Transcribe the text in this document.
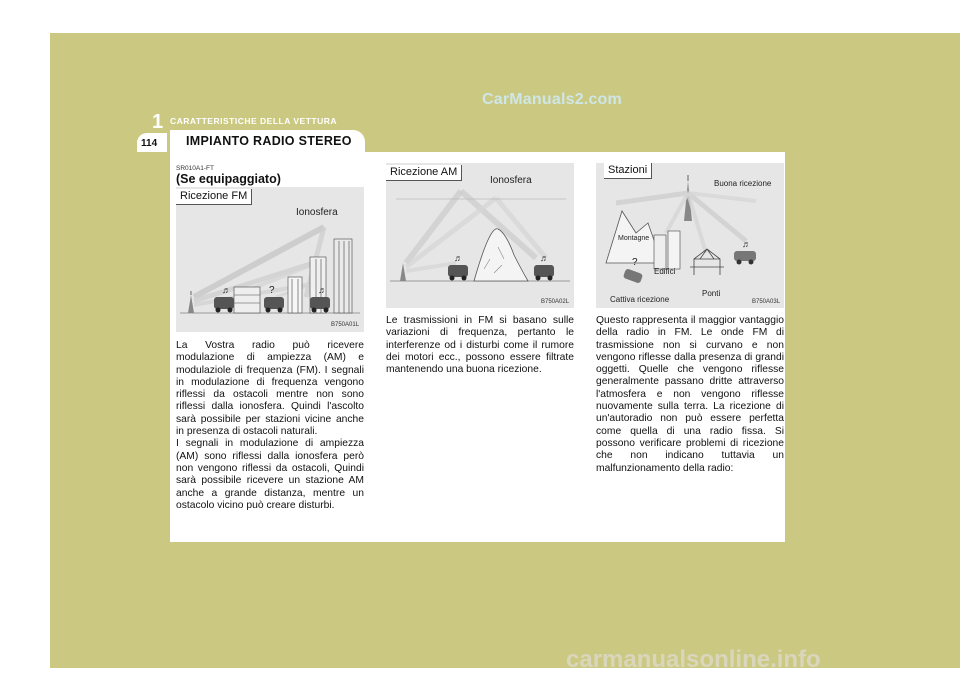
CarManuals2.com
1 CARATTERISTICHE DELLA VETTURA
114 IMPIANTO RADIO STEREO
SR010A1-FT
(Se equipaggiato)
♬	♬
Ricezione FM
Ionosfera
?
B750A01L

La Vostra radio può ricevere modulazione di ampiezza (AM) e modulaziole di frequenza (FM). I segnali in modulazione di frequenza vengono riflessi da ostacoli mentre non sono riflessi dalla ionosfera. Quindi l'ascolto sarà possibile per stazioni vicine anche in presenza di ostacoli naturali.

I segnali in modulazione di ampiezza (AM) sono riflessi dalla ionosfera però non vengono riflessi da ostacoli, Quindi sarà possibile ricevere un stazione AM anche a grande distanza, mentre un ostacolo vicino può creare disturbi.

♬	♬
Ricezione AM
Ionosfera
B750A02L

Le trasmissioni in FM si basano sulle variazioni di frequenza, pertanto le interferenze od i disturbi come il rumore dei motori ecc., possono essere filtrate mantenendo una buona ricezione.

♬
Stazioni
Buona ricezione
Montagne
Edifici
?
Ponti
Cattiva ricezione	B750A03L

Questo rappresenta il maggior vantaggio della radio in FM. Le onde FM di trasmissione non si curvano e non vengono riflesse dalla presenza di grandi oggetti. Quelle che vengono riflesse generalmente passano dritte attraverso l'atmosfera e non vengono riflesse nuovamente sulla terra. La ricezione di un'autoradio non può essere perfetta come quella di una radio fissa. Si possono verificare problemi di ricezione che non indicano tuttavia un malfunzionamento della radio:

carmanualsonline.info
